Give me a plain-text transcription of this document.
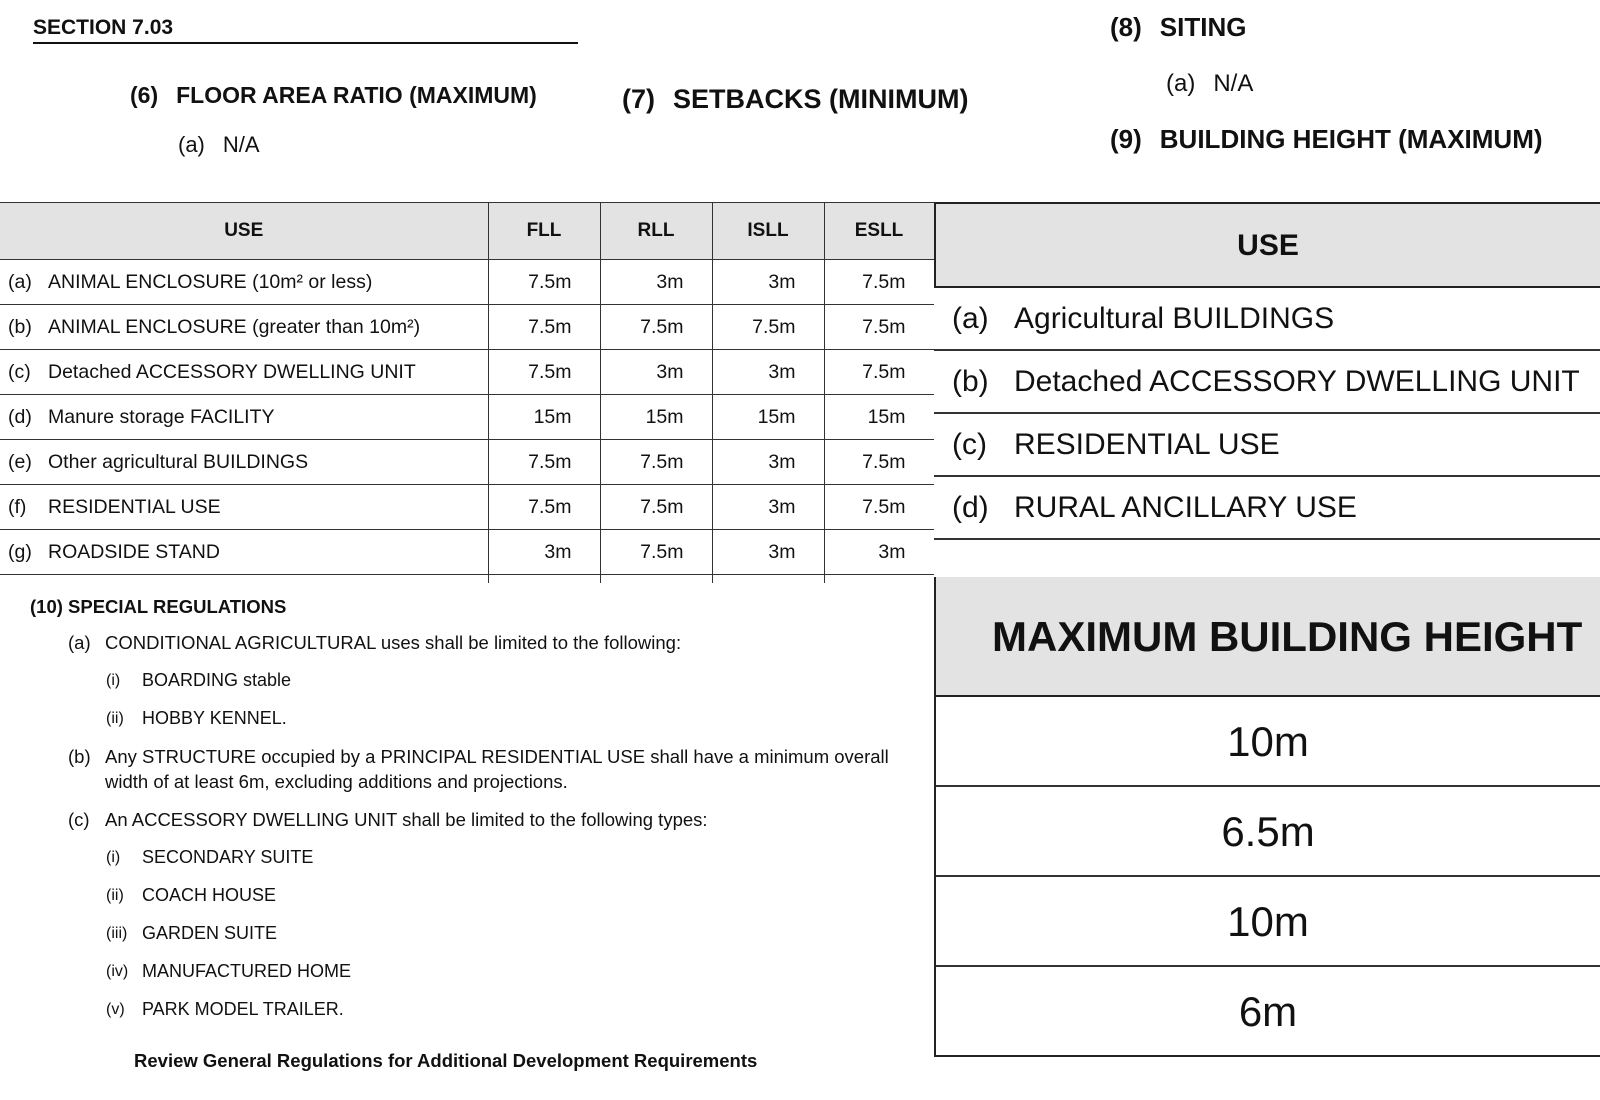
SECTION 7.03
(6) FLOOR AREA RATIO (MAXIMUM)
(a) N/A
(7) SETBACKS (MINIMUM)
(8) SITING
(a) N/A
(9) BUILDING HEIGHT (MAXIMUM)
USE	FLL	RLL	ISLL	ESLL
(a) ANIMAL ENCLOSURE (10m² or less)	7.5m	3m	3m	7.5m
(b) ANIMAL ENCLOSURE (greater than 10m²)	7.5m	7.5m	7.5m	7.5m
(c) Detached ACCESSORY DWELLING UNIT	7.5m	3m	3m	7.5m
(d) Manure storage FACILITY	15m	15m	15m	15m
(e) Other agricultural BUILDINGS	7.5m	7.5m	3m	7.5m
(f) RESIDENTIAL USE	7.5m	7.5m	3m	7.5m
(g) ROADSIDE STAND	3m	7.5m	3m	3m

USE
(a) Agricultural BUILDINGS
(b) Detached ACCESSORY DWELLING UNIT
(c) RESIDENTIAL USE
(d) RURAL ANCILLARY USE
MAXIMUM BUILDING HEIGHT
10m
6.5m
10m
6m
(10) SPECIAL REGULATIONS
(a) CONDITIONAL AGRICULTURAL uses shall be limited to the following:
(i) BOARDING stable
(ii) HOBBY KENNEL.
(b) Any STRUCTURE occupied by a PRINCIPAL RESIDENTIAL USE shall have a minimum overall width of at least 6m, excluding additions and projections.
(c) An ACCESSORY DWELLING UNIT shall be limited to the following types:
(i) SECONDARY SUITE
(ii) COACH HOUSE
(iii) GARDEN SUITE
(iv) MANUFACTURED HOME
(v) PARK MODEL TRAILER.
Review General Regulations for Additional Development Requirements
